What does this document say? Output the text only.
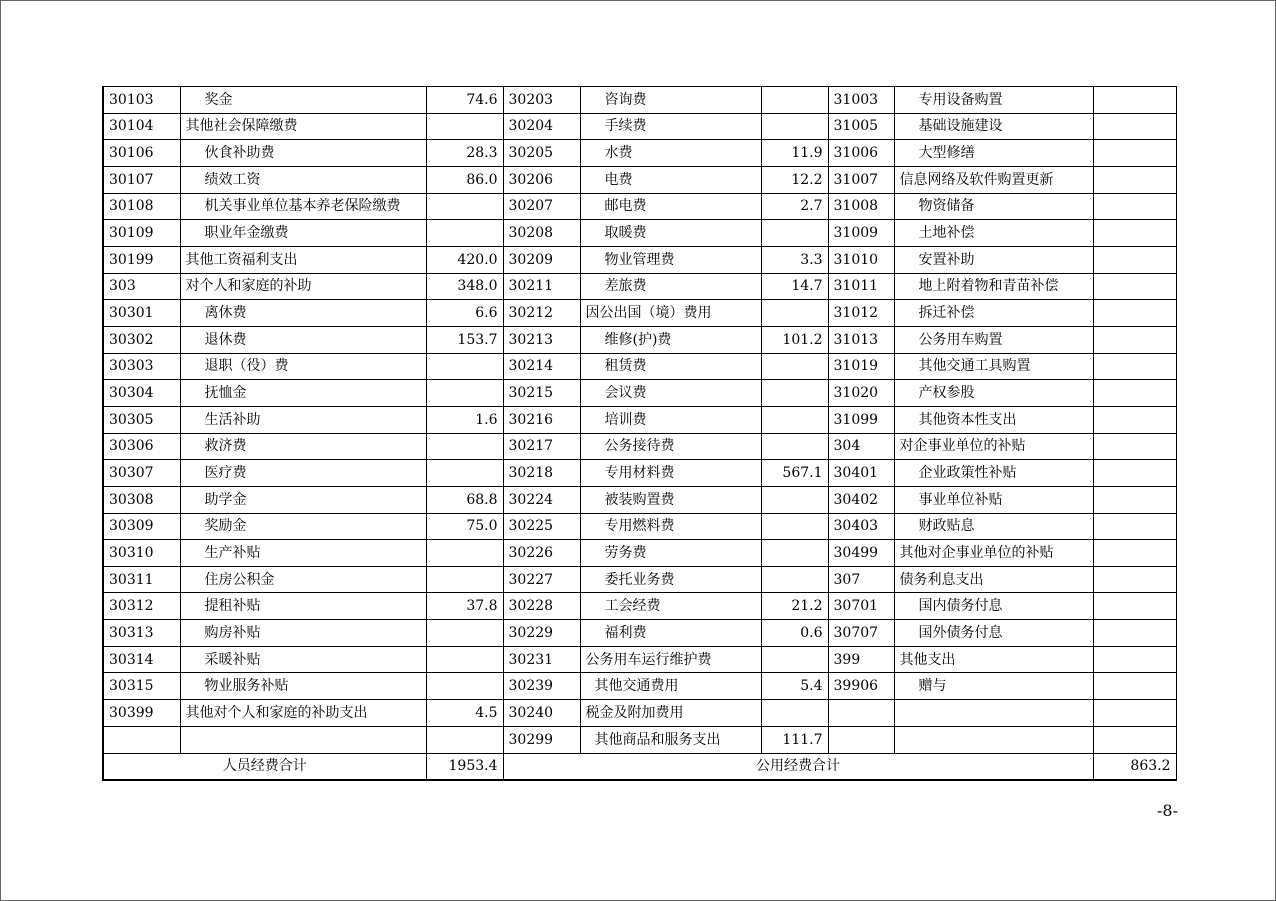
30103	奖金	74.6	30203	咨询费		31003	专用设备购置	
30104	其他社会保障缴费		30204	手续费		31005	基础设施建设	
30106	伙食补助费	28.3	30205	水费	11.9	31006	大型修缮	
30107	绩效工资	86.0	30206	电费	12.2	31007	信息网络及软件购置更新	
30108	机关事业单位基本养老保险缴费		30207	邮电费	2.7	31008	物资储备	
30109	职业年金缴费		30208	取暖费		31009	土地补偿	
30199	其他工资福利支出	420.0	30209	物业管理费	3.3	31010	安置补助	
303	对个人和家庭的补助	348.0	30211	差旅费	14.7	31011	地上附着物和青苗补偿	
30301	离休费	6.6	30212	因公出国（境）费用		31012	拆迁补偿	
30302	退休费	153.7	30213	维修(护)费	101.2	31013	公务用车购置	
30303	退职（役）费		30214	租赁费		31019	其他交通工具购置	
30304	抚恤金		30215	会议费		31020	产权参股	
30305	生活补助	1.6	30216	培训费		31099	其他资本性支出	
30306	救济费		30217	公务接待费		304	对企事业单位的补贴	
30307	医疗费		30218	专用材料费	567.1	30401	企业政策性补贴	
30308	助学金	68.8	30224	被装购置费		30402	事业单位补贴	
30309	奖励金	75.0	30225	专用燃料费		30403	财政贴息	
30310	生产补贴		30226	劳务费		30499	其他对企事业单位的补贴	
30311	住房公积金		30227	委托业务费		307	债务利息支出	
30312	提租补贴	37.8	30228	工会经费	21.2	30701	国内债务付息	
30313	购房补贴		30229	福利费	0.6	30707	国外债务付息	
30314	采暖补贴		30231	公务用车运行维护费		399	其他支出	
30315	物业服务补贴		30239	其他交通费用	5.4	39906	赠与	
30399	其他对个人和家庭的补助支出	4.5	30240	税金及附加费用				
			30299	其他商品和服务支出	111.7			
人员经费合计		1953.4	公用经费合计					863.2
-8-
